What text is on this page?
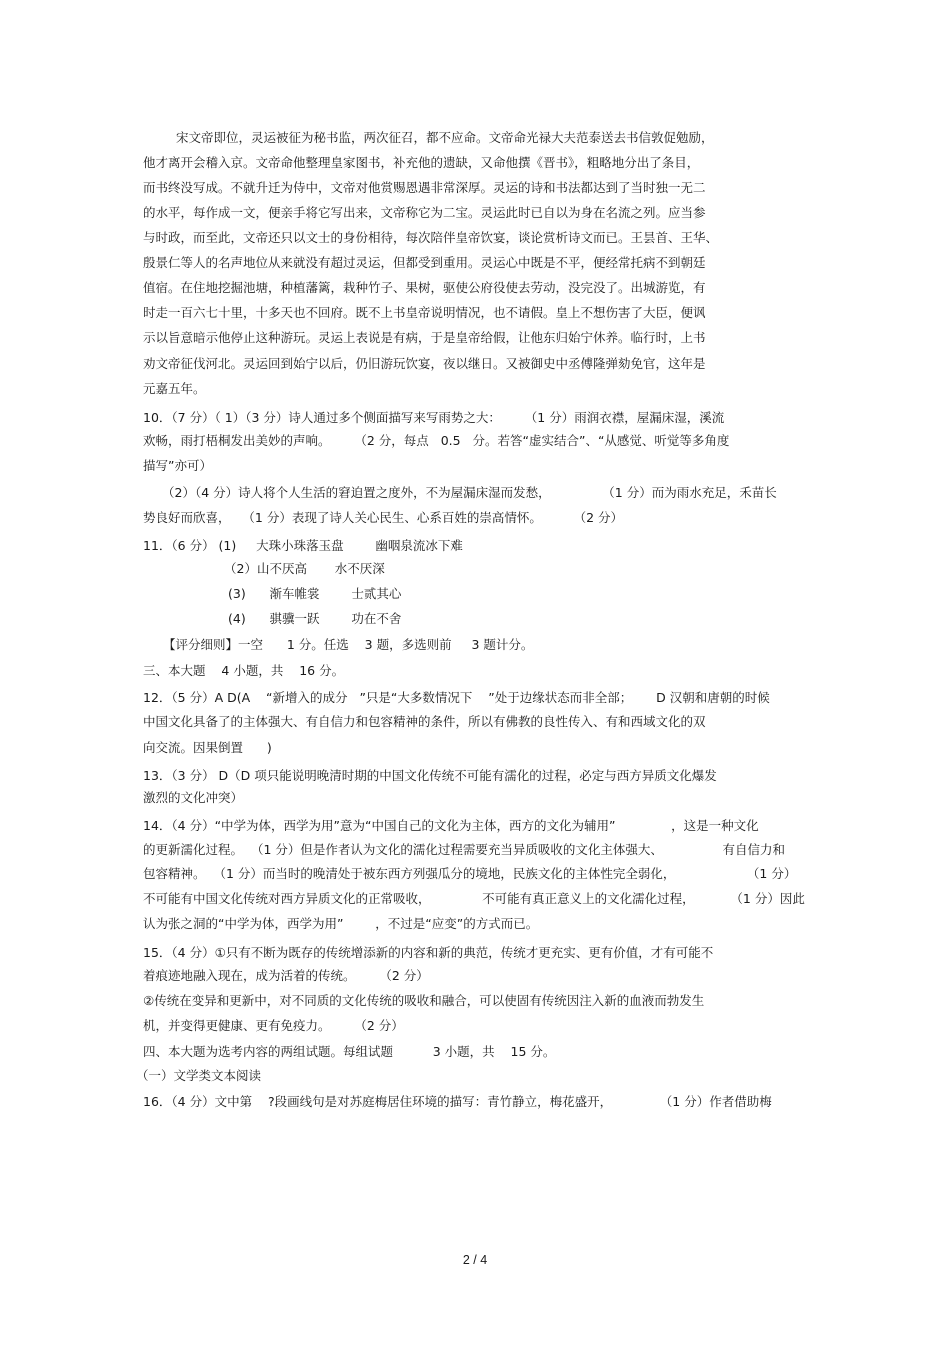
宋文帝即位，灵运被征为秘书监，两次征召，都不应命。文帝命光禄大夫范泰送去书信敦促勉励，
他才离开会稽入京。文帝命他整理皇家图书，补充他的遗缺，又命他撰《晋书》，粗略地分出了条目，
而书终没写成。不就升迁为侍中，文帝对他赏赐恩遇非常深厚。灵运的诗和书法都达到了当时独一无二
的水平，每作成一文，便亲手将它写出来，文帝称它为二宝。灵运此时已自以为身在名流之列。应当参
与时政，而至此，文帝还只以文士的身份相待，每次陪伴皇帝饮宴，谈论赏析诗文而已。王昙首、王华、
殷景仁等人的名声地位从来就没有超过灵运，但都受到重用。灵运心中既是不平，便经常托病不到朝廷
值宿。在住地挖掘池塘，种植藩篱，栽种竹子、果树，驱使公府役使去劳动，没完没了。出城游览，有
时走一百六七十里，十多天也不回府。既不上书皇帝说明情况，也不请假。皇上不想伤害了大臣，便讽
示以旨意暗示他停止这种游玩。灵运上表说是有病，于是皇帝给假，让他东归始宁休养。临行时，上书
劝文帝征伐河北。灵运回到始宁以后，仍旧游玩饮宴，夜以继日。又被御史中丞傅隆弹劾免官，这年是
元嘉五年。
10．（7 分）（ 1）（3 分）诗人通过多个侧面描写来写雨势之大：      （1 分）雨润衣襟，屋漏床湿，溪流
欢畅，雨打梧桐发出美妙的声响。      （2 分，每点   0.5   分。若答“虚实结合”、“从感觉、听觉等多角度
描写”亦可）
（2）（4 分）诗人将个人生活的窘迫置之度外，不为屋漏床湿而发愁，             （1 分）而为雨水充足，禾苗长
势良好而欣喜，   （1 分）表现了诗人关心民生、心系百姓的崇高情怀。        （2 分）
11．（6 分） (1)     大珠小珠落玉盘        幽咽泉流冰下难
（2）山不厌高       水不厌深
(3)      渐车帷裳        士贰其心
(4)      骐骥一跃        功在不舍
【评分细则】一空      1 分。任选    3 题，多选则前     3 题计分。
三、本大题    4 小题，共    16 分。
12．（5 分）A D(A    “新增入的成分   ”只是“大多数情况下    ”处于边缘状态而非全部；      D 汉朝和唐朝的时候
中国文化具备了的主体强大、有自信力和包容精神的条件，所以有佛教的良性传入、有和西域文化的双
向交流。因果倒置      )
13．（3 分） D（D 项只能说明晚清时期的中国文化传统不可能有濡化的过程，必定与西方异质文化爆发
激烈的文化冲突）
14．（4 分）“中学为体，西学为用”意为“中国自己的文化为主体，西方的文化为辅用”              ，这是一种文化
的更新濡化过程。  （1 分）但是作者认为文化的濡化过程需要充当异质吸收的文化主体强大、               有自信力和
包容精神。  （1 分）而当时的晚清处于被东西方列强瓜分的境地，民族文化的主体性完全弱化，                  （1 分）
不可能有中国文化传统对西方异质文化的正常吸收，             不可能有真正意义上的文化濡化过程，         （1 分）因此
认为张之洞的“中学为体，西学为用”        ，不过是“应变”的方式而已。
15．（4 分）①只有不断为既存的传统增添新的内容和新的典范，传统才更充实、更有价值，才有可能不
着痕迹地融入现在，成为活着的传统。      （2 分）
②传统在变异和更新中，对不同质的文化传统的吸收和融合，可以使固有传统因注入新的血液而勃发生
机，并变得更健康、更有免疫力。      （2 分）
四、本大题为选考内容的两组试题。每组试题          3 小题，共    15 分。
（一）文学类文本阅读
16．（4 分）文中第    ?段画线句是对苏庭梅居住环境的描写：青竹静立，梅花盛开，            （1 分）作者借助梅
2 / 4
